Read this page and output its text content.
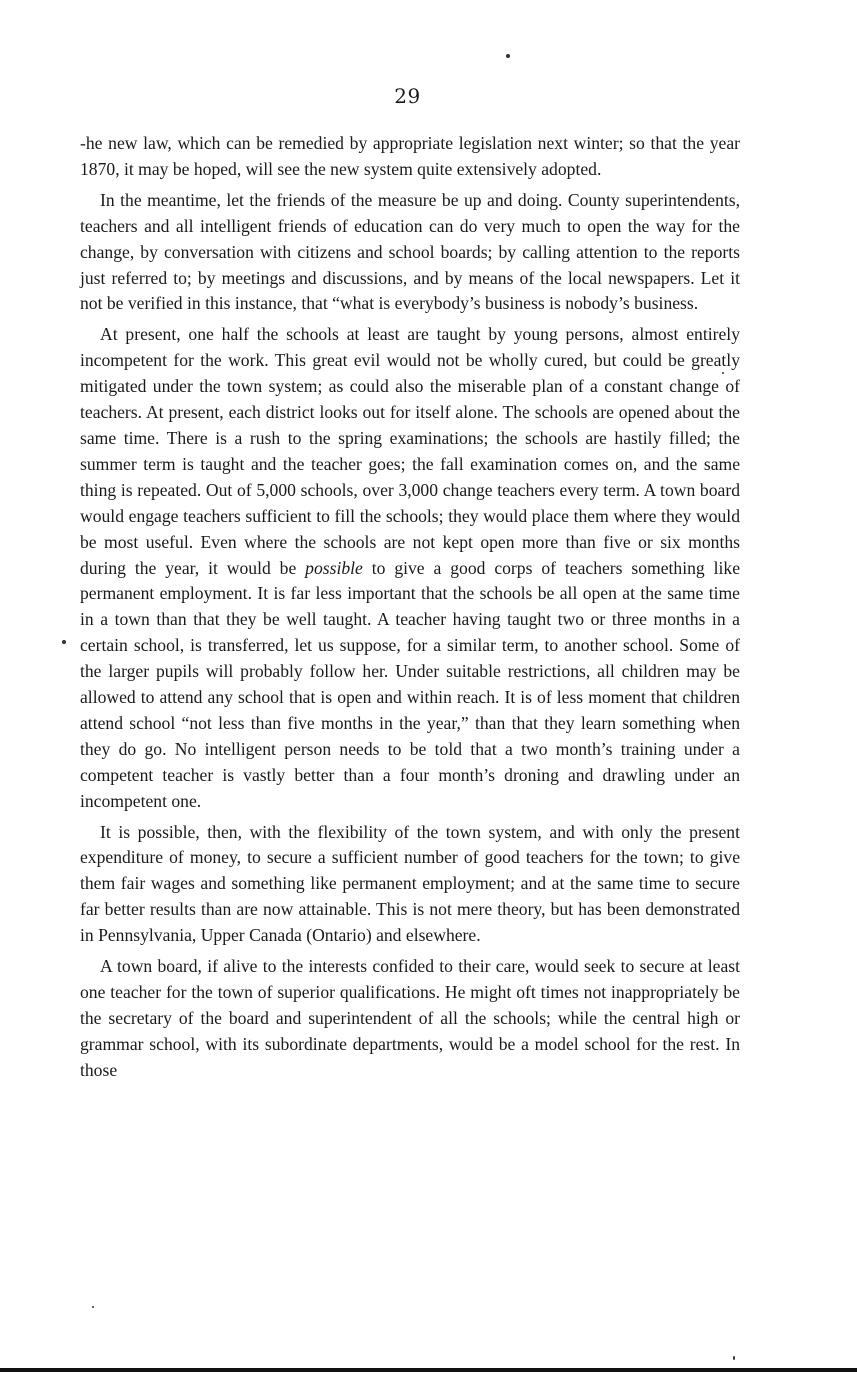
29

-he new law, which can be remedied by appropriate legislation next winter; so that the year 1870, it may be hoped, will see the new system quite extensively adopted.

In the meantime, let the friends of the measure be up and doing. County superintendents, teachers and all intelligent friends of education can do very much to open the way for the change, by conversation with citizens and school boards; by calling attention to the reports just referred to; by meetings and discussions, and by means of the local newspapers. Let it not be verified in this instance, that “what is everybody’s business is nobody’s business.

At present, one half the schools at least are taught by young persons, almost entirely incompetent for the work. This great evil would not be wholly cured, but could be greatly mitigated under the town system; as could also the miserable plan of a constant change of teachers. At present, each district looks out for itself alone. The schools are opened about the same time. There is a rush to the spring examinations; the schools are hastily filled; the summer term is taught and the teacher goes; the fall examination comes on, and the same thing is repeated. Out of 5,000 schools, over 3,000 change teachers every term. A town board would engage teachers sufficient to fill the schools; they would place them where they would be most useful. Even where the schools are not kept open more than five or six months during the year, it would be possible to give a good corps of teachers something like permanent employment. It is far less important that the schools be all open at the same time in a town than that they be well taught. A teacher having taught two or three months in a certain school, is transferred, let us suppose, for a similar term, to another school. Some of the larger pupils will probably follow her. Under suitable restrictions, all children may be allowed to attend any school that is open and within reach. It is of less moment that children attend school “not less than five months in the year,” than that they learn something when they do go. No intelligent person needs to be told that a two month’s training under a competent teacher is vastly better than a four month’s droning and drawling under an incompetent one.

It is possible, then, with the flexibility of the town system, and with only the present expenditure of money, to secure a sufficient number of good teachers for the town; to give them fair wages and something like permanent employment; and at the same time to secure far better results than are now attainable. This is not mere theory, but has been demonstrated in Pennsylvania, Upper Canada (Ontario) and elsewhere.

A town board, if alive to the interests confided to their care, would seek to secure at least one teacher for the town of superior qualifications. He might oft times not inappropriately be the secretary of the board and superintendent of all the schools; while the central high or grammar school, with its subordinate departments, would be a model school for the rest. In those
